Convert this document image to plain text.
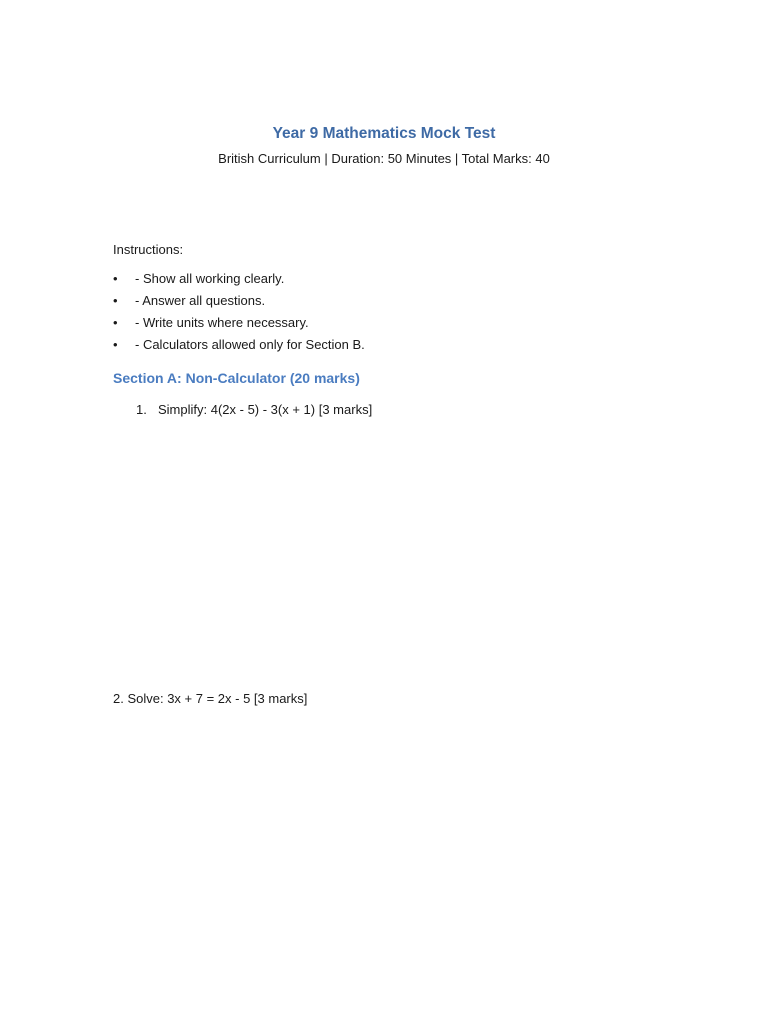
Year 9 Mathematics Mock Test
British Curriculum | Duration: 50 Minutes | Total Marks: 40
Instructions:
• - Show all working clearly.
• - Answer all questions.
• - Write units where necessary.
• - Calculators allowed only for Section B.
Section A: Non-Calculator (20 marks)
1. Simplify: 4(2x - 5) - 3(x + 1) [3 marks]
2. Solve: 3x + 7 = 2x - 5 [3 marks]
